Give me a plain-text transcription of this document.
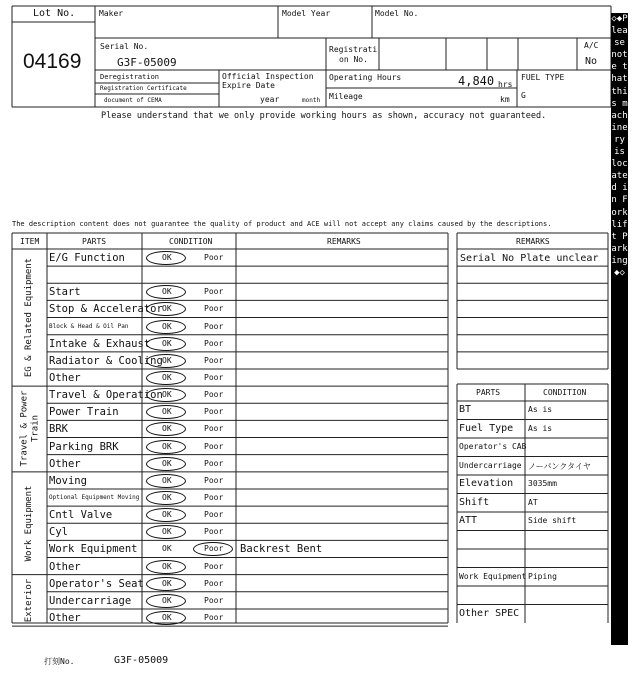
Lot No.
04169
Maker	Model Year	Model No.
Serial No.
G3F-05009
Registrati
on No.
A/C
No
Deregistration
Registration Certificate
document of CEMA
Official Inspection
Expire Date
year	month
Operating Hours	4,840 hrs
Mileage	km
FUEL TYPE
G
Please understand that we only provide working hours as shown, accuracy not guaranteed.
The description content does not guarantee the quality of product and ACE will not accept any claims caused by the descriptions.
ITEM	PARTS	CONDITION	REMARKS
E/G Function	OK	Poor
Start	OK	Poor
Stop & Accelerator OK	Poor
Block & Head & Oil Pan	OK	Poor
Intake & Exhaust OK	Poor
Radiator & Cooling OK	Poor
Other	OK	Poor
EG & Related Equipment
Travel & Operation OK	Poor
Power Train	OK	Poor
BRK	OK	Poor
Parking BRK	OK	Poor
Other	OK	Poor
Travel & Power Train
Moving	OK	Poor
Optional Equipment Moving	OK	Poor
Cntl Valve	OK	Poor
Cyl	OK	Poor
Work Equipment	OK	Poor Backrest Bent
Other	OK	Poor
Work Equipment
Operator's Seat OK	Poor
Undercarriage	OK	Poor
Other	OK	Poor
Exterior
REMARKS
Serial No Plate unclear
PARTS	CONDITION
BT	As is
Fuel Type As is
Operator's CAB
Undercarriage ノーパンクタイヤ
Elevation 3035mm
Shift	AT
ATT	Side shift
Work Equipment Piping
Other SPEC
◇◆Please note that this machinery is located in Forklift Parking◆◇
打刻No.	G3F-05009
